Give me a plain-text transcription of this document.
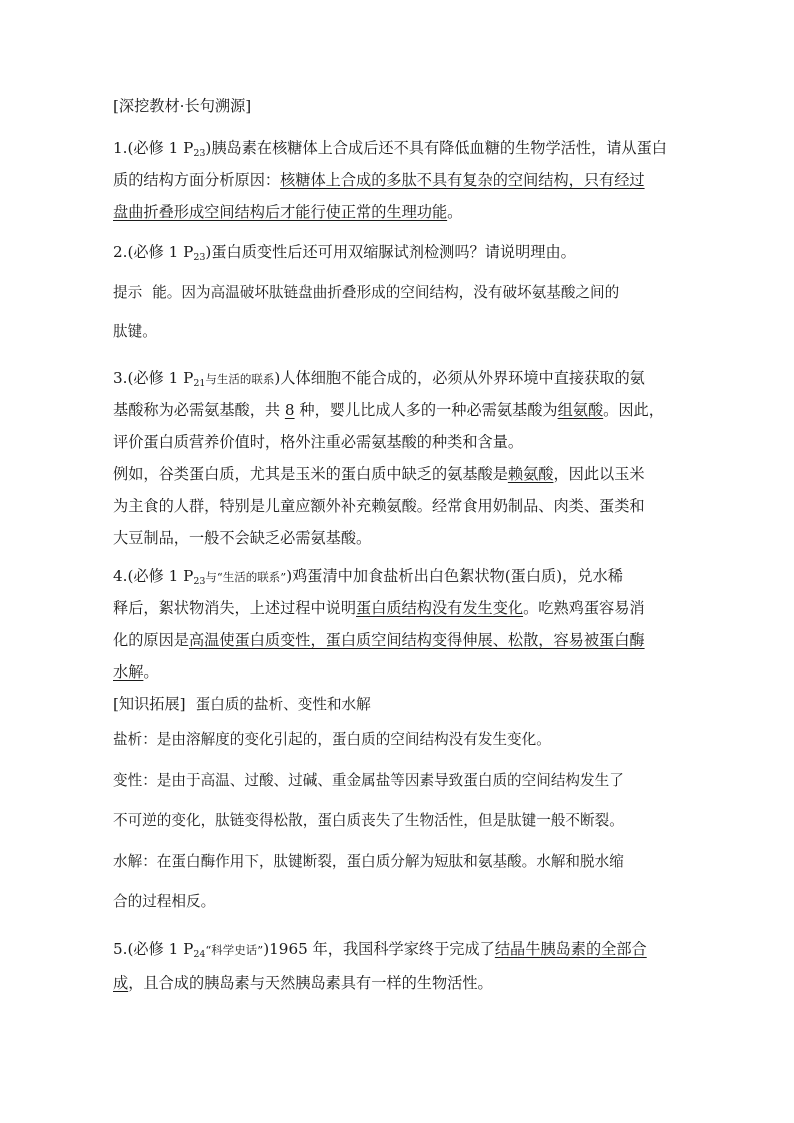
[深挖教材·长句溯源]
1.(必修 1 $P_{23}$)胰岛素在核糖体上合成后还不具有降低血糖的生物学活性，请从蛋白
质的结构方面分析原因：核糖体上合成的多肽不具有复杂的空间结构，只有经过
盘曲折叠形成空间结构后才能行使正常的生理功能。
2.(必修 1 $P_{23}$)蛋白质变性后还可用双缩脲试剂检测吗？请说明理由。
提示 能。因为高温破坏肽链盘曲折叠形成的空间结构，没有破坏氨基酸之间的
肽键。
3.(必修 1 $P_{21}$与生活的联系)人体细胞不能合成的，必须从外界环境中直接获取的氨
基酸称为必需氨基酸，共 8 种，婴儿比成人多的一种必需氨基酸为组氨酸。因此，
评价蛋白质营养价值时，格外注重必需氨基酸的种类和含量。
例如，谷类蛋白质，尤其是玉米的蛋白质中缺乏的氨基酸是赖氨酸，因此以玉米
为主食的人群，特别是儿童应额外补充赖氨酸。经常食用奶制品、肉类、蛋类和
大豆制品，一般不会缺乏必需氨基酸。
4.(必修 1 $P_{23}$与“生活的联系”)鸡蛋清中加食盐析出白色絮状物(蛋白质)，兑水稀
释后，絮状物消失，上述过程中说明蛋白质结构没有发生变化。吃熟鸡蛋容易消
化的原因是高温使蛋白质变性，蛋白质空间结构变得伸展、松散，容易被蛋白酶
水解。
[知识拓展] 蛋白质的盐析、变性和水解
盐析：是由溶解度的变化引起的，蛋白质的空间结构没有发生变化。
变性：是由于高温、过酸、过碱、重金属盐等因素导致蛋白质的空间结构发生了
不可逆的变化，肽链变得松散，蛋白质丧失了生物活性，但是肽键一般不断裂。
水解：在蛋白酶作用下，肽键断裂，蛋白质分解为短肽和氨基酸。水解和脱水缩
合的过程相反。
5.(必修 1 $P_{24}“$科学史话”)1965 年，我国科学家终于完成了结晶牛胰岛素的全部合
成，且合成的胰岛素与天然胰岛素具有一样的生物活性。
